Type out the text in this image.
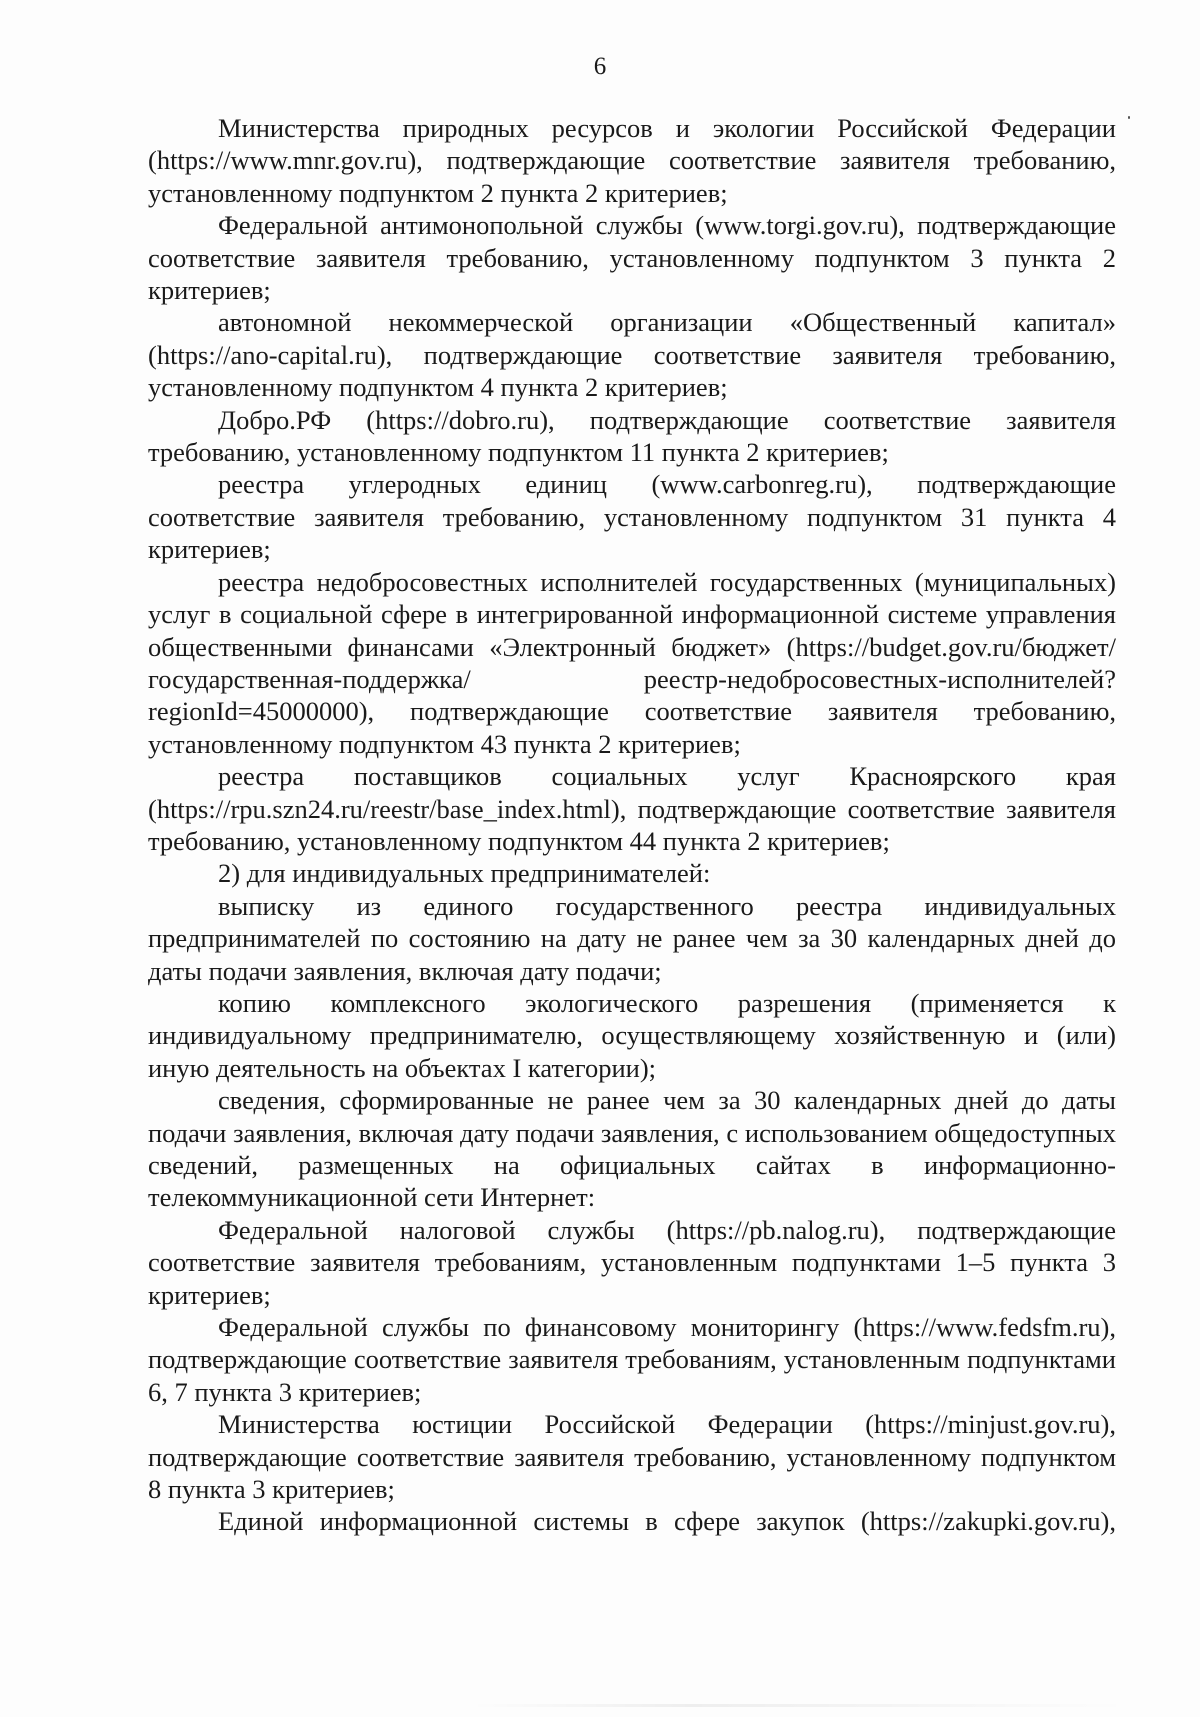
6

Министерства природных ресурсов и экологии Российской Федерации (https://www.mnr.gov.ru), подтверждающие соответствие заявителя требованию, установленному подпунктом 2 пункта 2 критериев;

Федеральной антимонопольной службы (www.torgi.gov.ru), подтверждающие соответствие заявителя требованию, установленному подпунктом 3 пункта 2 критериев;

автономной некоммерческой организации «Общественный капитал» (https://ano-capital.ru), подтверждающие соответствие заявителя требованию, установленному подпунктом 4 пункта 2 критериев;

Добро.РФ (https://dobro.ru), подтверждающие соответствие заявителя требованию, установленному подпунктом 11 пункта 2 критериев;

реестра углеродных единиц (www.carbonreg.ru), подтверждающие соответствие заявителя требованию, установленному подпунктом 31 пункта 4 критериев;

реестра недобросовестных исполнителей государственных (муниципальных) услуг в социальной сфере в интегрированной информационной системе управления общественными финансами «Электронный бюджет» (https://budget.gov.ru/бюджет/государственная-поддержка/ реестр-недобросовестных-исполнителей?regionId=45000000), подтверждающие соответствие заявителя требованию, установленному подпунктом 43 пункта 2 критериев;

реестра поставщиков социальных услуг Красноярского края (https://rpu.szn24.ru/reestr/base_index.html), подтверждающие соответствие заявителя требованию, установленному подпунктом 44 пункта 2 критериев;

2) для индивидуальных предпринимателей:

выписку из единого государственного реестра индивидуальных предпринимателей по состоянию на дату не ранее чем за 30 календарных дней до даты подачи заявления, включая дату подачи;

копию комплексного экологического разрешения (применяется к индивидуальному предпринимателю, осуществляющему хозяйственную и (или) иную деятельность на объектах I категории);

сведения, сформированные не ранее чем за 30 календарных дней до даты подачи заявления, включая дату подачи заявления, с использованием общедоступных сведений, размещенных на официальных сайтах в информационно-телекоммуникационной сети Интернет:

Федеральной налоговой службы (https://pb.nalog.ru), подтверждающие соответствие заявителя требованиям, установленным подпунктами 1–5 пункта 3 критериев;

Федеральной службы по финансовому мониторингу (https://www.fedsfm.ru), подтверждающие соответствие заявителя требованиям, установленным подпунктами 6, 7 пункта 3 критериев;

Министерства юстиции Российской Федерации (https://minjust.gov.ru), подтверждающие соответствие заявителя требованию, установленному подпунктом 8 пункта 3 критериев;

Единой информационной системы в сфере закупок (https://zakupki.gov.ru),
